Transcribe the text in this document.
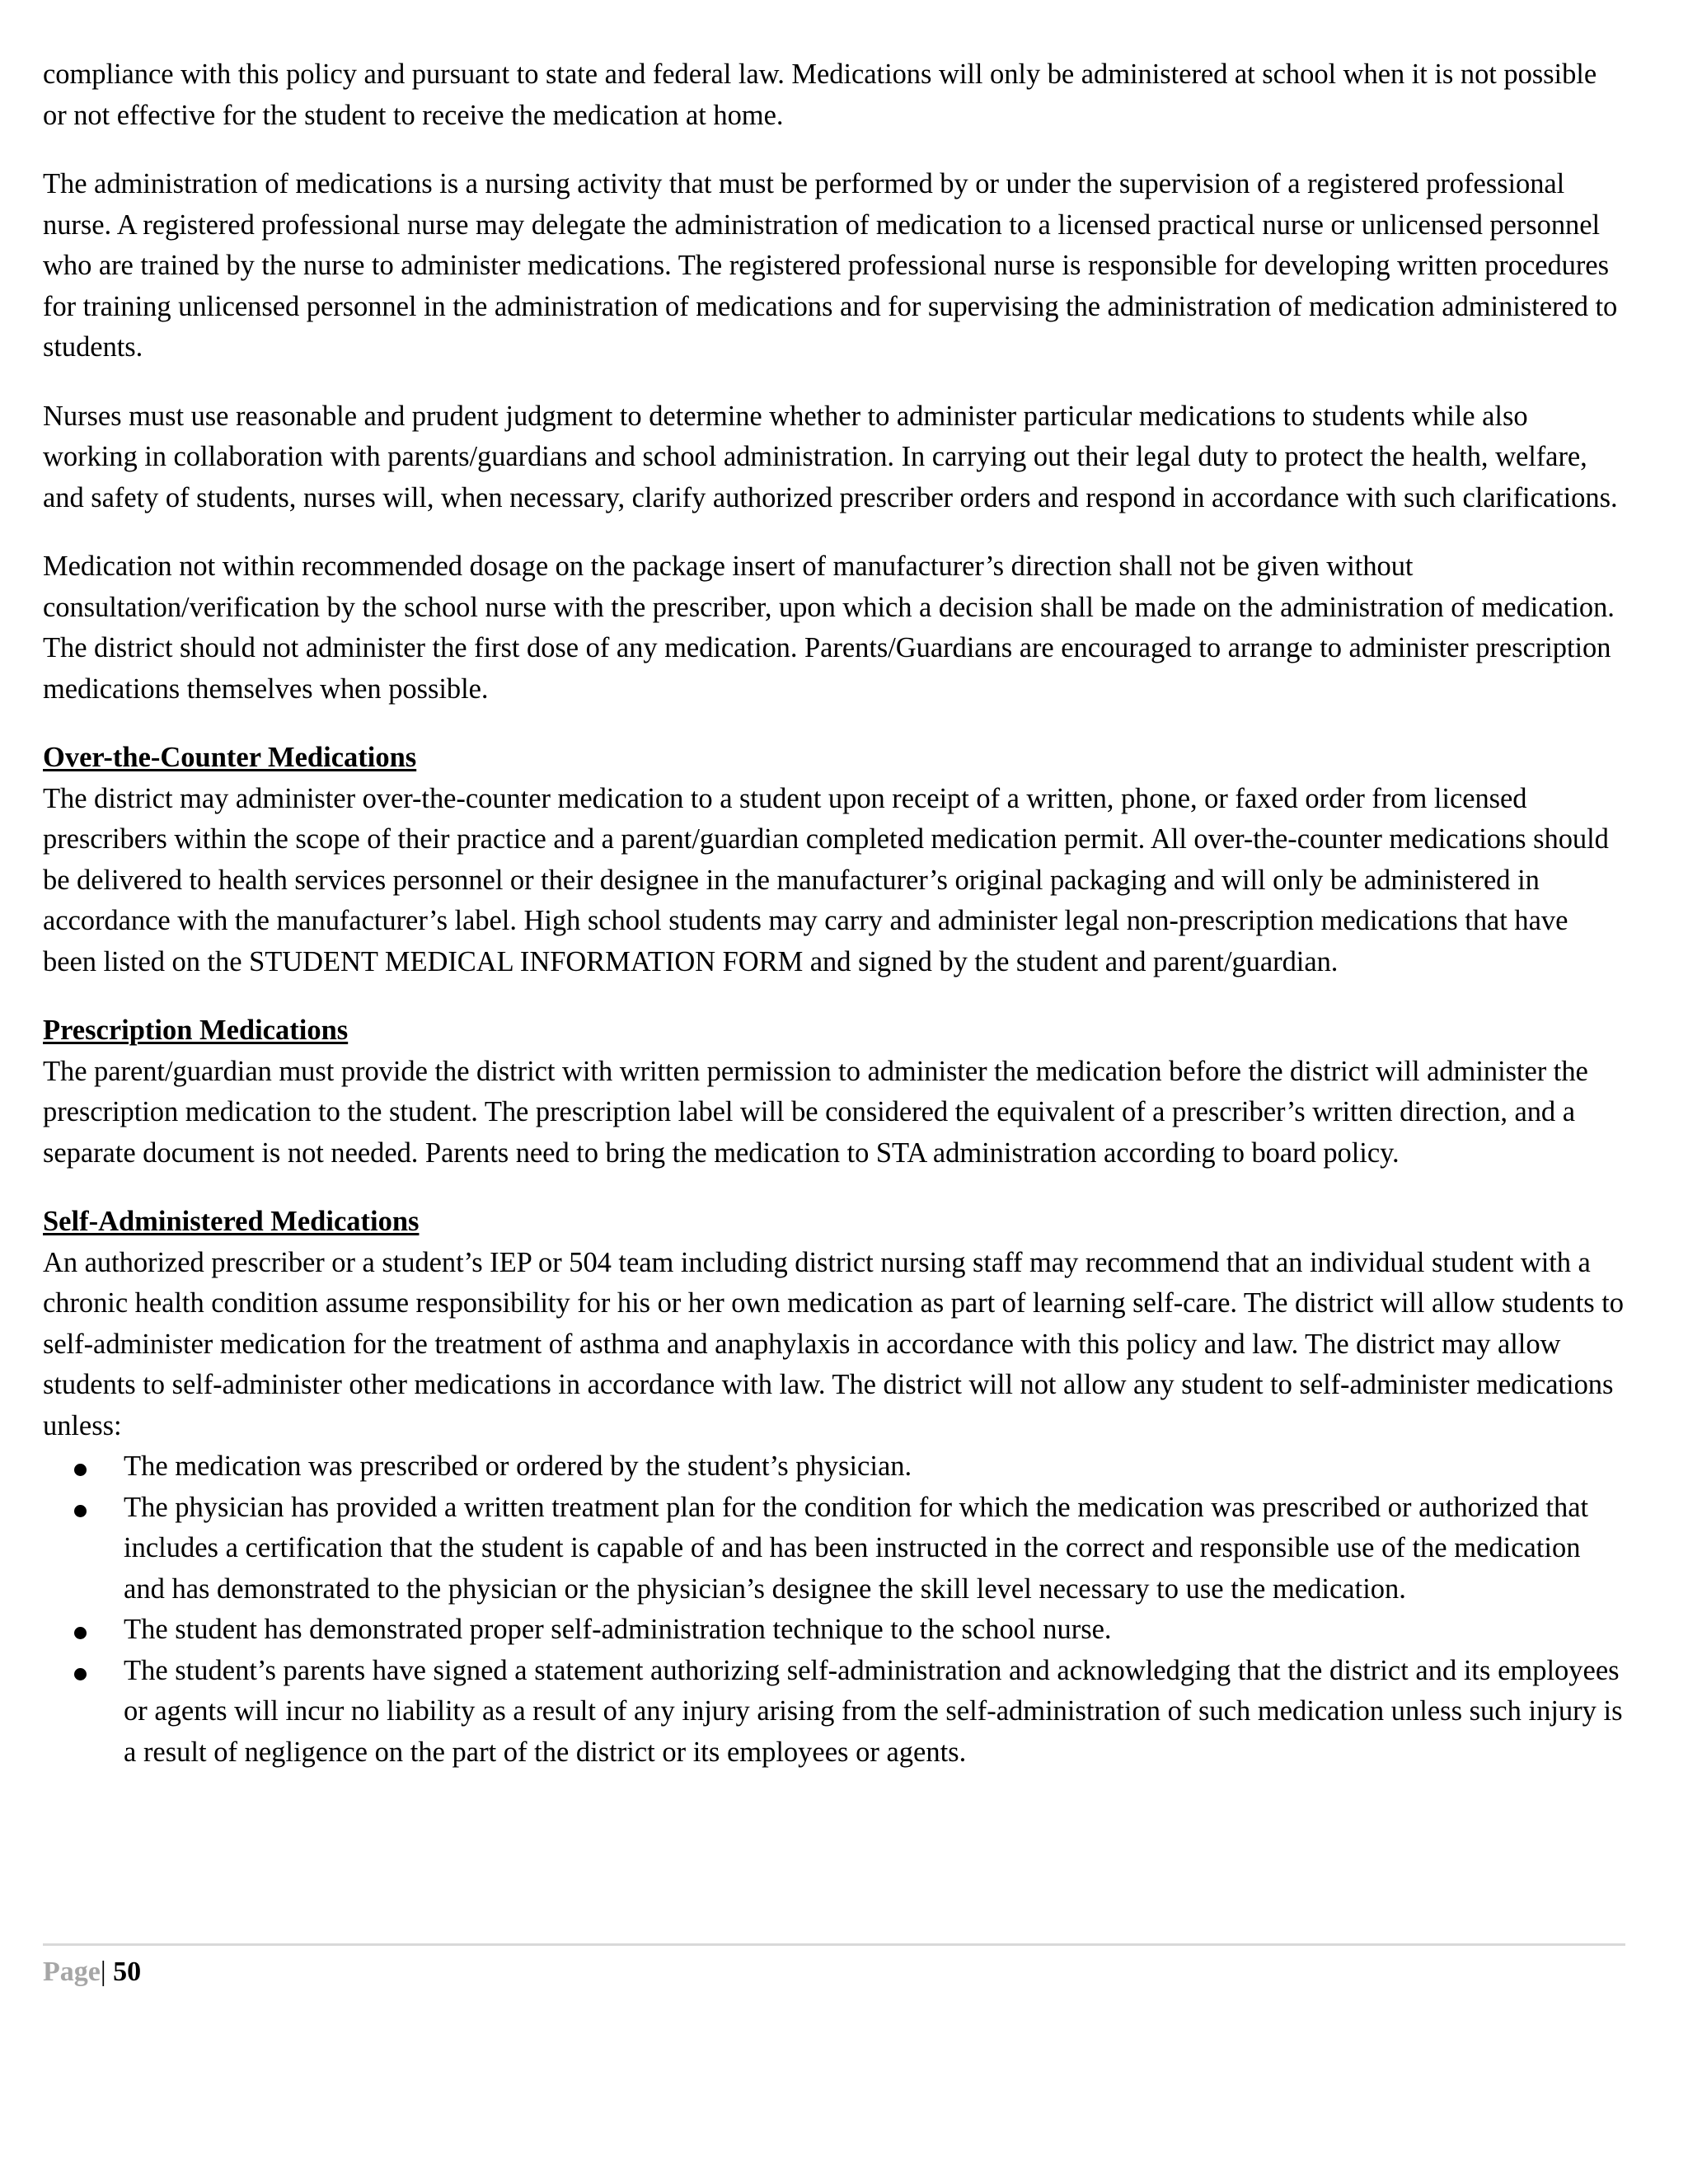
compliance with this policy and pursuant to state and federal law. Medications will only be administered at school when it is not possible or not effective for the student to receive the medication at home.

The administration of medications is a nursing activity that must be performed by or under the supervision of a registered professional nurse. A registered professional nurse may delegate the administration of medication to a licensed practical nurse or unlicensed personnel who are trained by the nurse to administer medications. The registered professional nurse is responsible for developing written procedures for training unlicensed personnel in the administration of medications and for supervising the administration of medication administered to students.

Nurses must use reasonable and prudent judgment to determine whether to administer particular medications to students while also working in collaboration with parents/guardians and school administration. In carrying out their legal duty to protect the health, welfare, and safety of students, nurses will, when necessary, clarify authorized prescriber orders and respond in accordance with such clarifications.

Medication not within recommended dosage on the package insert of manufacturer’s direction shall not be given without consultation/verification by the school nurse with the prescriber, upon which a decision shall be made on the administration of medication. The district should not administer the first dose of any medication. Parents/Guardians are encouraged to arrange to administer prescription medications themselves when possible.

Over-the-Counter Medications

The district may administer over-the-counter medication to a student upon receipt of a written, phone, or faxed order from licensed prescribers within the scope of their practice and a parent/guardian completed medication permit. All over-the-counter medications should be delivered to health services personnel or their designee in the manufacturer’s original packaging and will only be administered in accordance with the manufacturer’s label. High school students may carry and administer legal non-prescription medications that have been listed on the STUDENT MEDICAL INFORMATION FORM and signed by the student and parent/guardian.

Prescription Medications

The parent/guardian must provide the district with written permission to administer the medication before the district will administer the prescription medication to the student. The prescription label will be considered the equivalent of a prescriber’s written direction, and a separate document is not needed. Parents need to bring the medication to STA administration according to board policy.

Self-Administered Medications

An authorized prescriber or a student’s IEP or 504 team including district nursing staff may recommend that an individual student with a chronic health condition assume responsibility for his or her own medication as part of learning self-care. The district will allow students to self-administer medication for the treatment of asthma and anaphylaxis in accordance with this policy and law. The district may allow students to self-administer other medications in accordance with law. The district will not allow any student to self-administer medications unless:

The medication was prescribed or ordered by the student’s physician.
The physician has provided a written treatment plan for the condition for which the medication was prescribed or authorized that includes a certification that the student is capable of and has been instructed in the correct and responsible use of the medication and has demonstrated to the physician or the physician’s designee the skill level necessary to use the medication.
The student has demonstrated proper self-administration technique to the school nurse.
The student’s parents have signed a statement authorizing self-administration and acknowledging that the district and its employees or agents will incur no liability as a result of any injury arising from the self-administration of such medication unless such injury is a result of negligence on the part of the district or its employees or agents.
Page| 50
